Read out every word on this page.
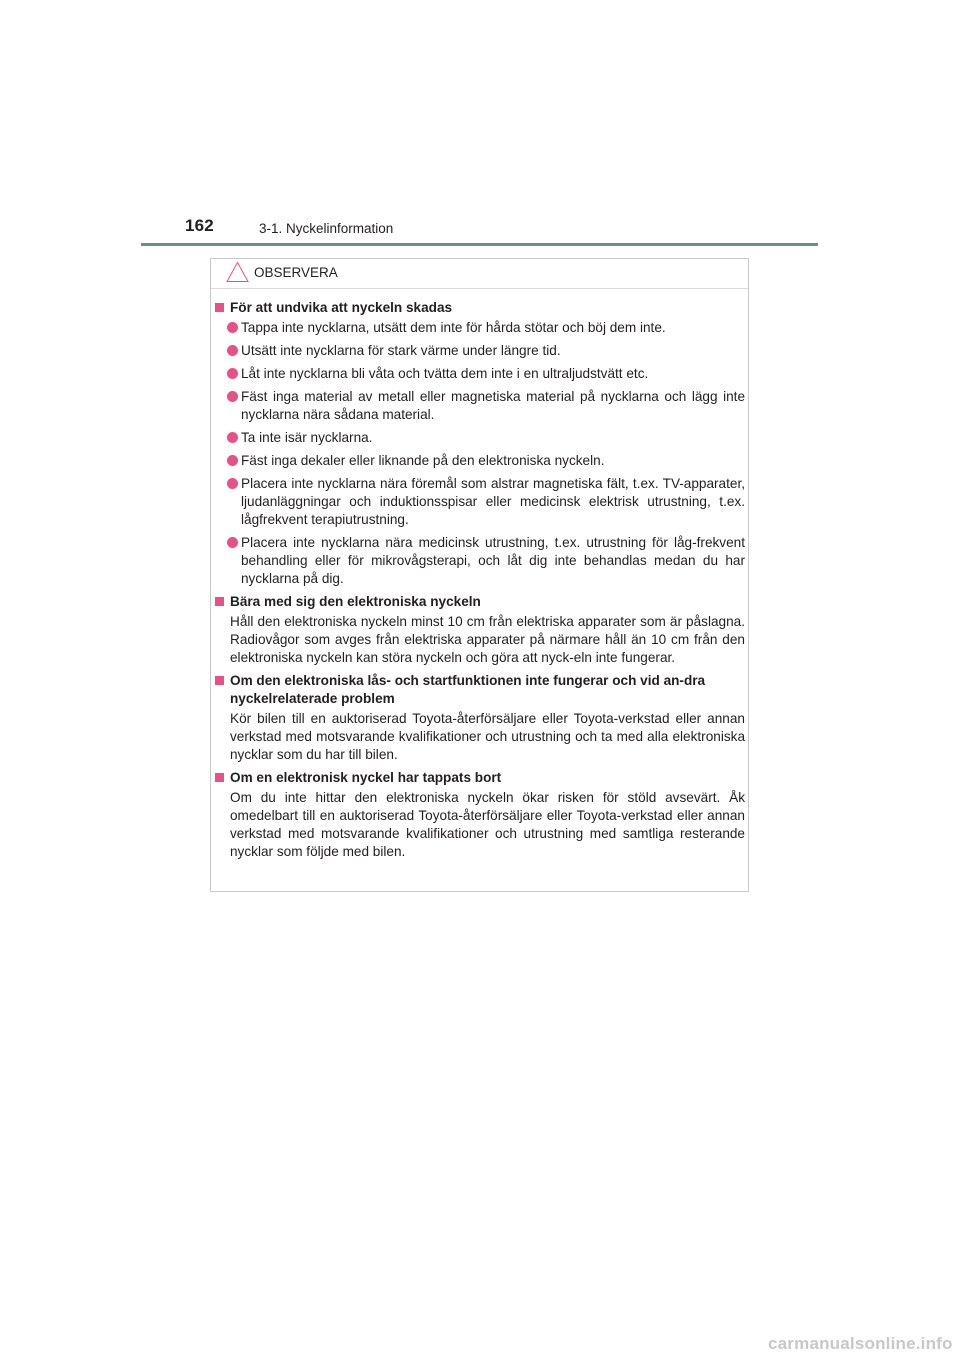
162	3-1. Nyckelinformation
OBSERVERA
För att undvika att nyckeln skadas
Tappa inte nycklarna, utsätt dem inte för hårda stötar och böj dem inte.
Utsätt inte nycklarna för stark värme under längre tid.
Låt inte nycklarna bli våta och tvätta dem inte i en ultraljudstvätt etc.
Fäst inga material av metall eller magnetiska material på nycklarna och lägg inte nycklarna nära sådana material.
Ta inte isär nycklarna.
Fäst inga dekaler eller liknande på den elektroniska nyckeln.
Placera inte nycklarna nära föremål som alstrar magnetiska fält, t.ex. TV-apparater, ljudanläggningar och induktionsspisar eller medicinsk elektrisk utrustning, t.ex. lågfrekvent terapiutrustning.
Placera inte nycklarna nära medicinsk utrustning, t.ex. utrustning för låg-frekvent behandling eller för mikrovågsterapi, och låt dig inte behandlas medan du har nycklarna på dig.
Bära med sig den elektroniska nyckeln
Håll den elektroniska nyckeln minst 10 cm från elektriska apparater som är påslagna. Radiovågor som avges från elektriska apparater på närmare håll än 10 cm från den elektroniska nyckeln kan störa nyckeln och göra att nyck-eln inte fungerar.
Om den elektroniska lås- och startfunktionen inte fungerar och vid an-dra nyckelrelaterade problem
Kör bilen till en auktoriserad Toyota-återförsäljare eller Toyota-verkstad eller annan verkstad med motsvarande kvalifikationer och utrustning och ta med alla elektroniska nycklar som du har till bilen.
Om en elektronisk nyckel har tappats bort
Om du inte hittar den elektroniska nyckeln ökar risken för stöld avsevärt. Åk omedelbart till en auktoriserad Toyota-återförsäljare eller Toyota-verkstad eller annan verkstad med motsvarande kvalifikationer och utrustning med samtliga resterande nycklar som följde med bilen.
carmanualsonline.info
